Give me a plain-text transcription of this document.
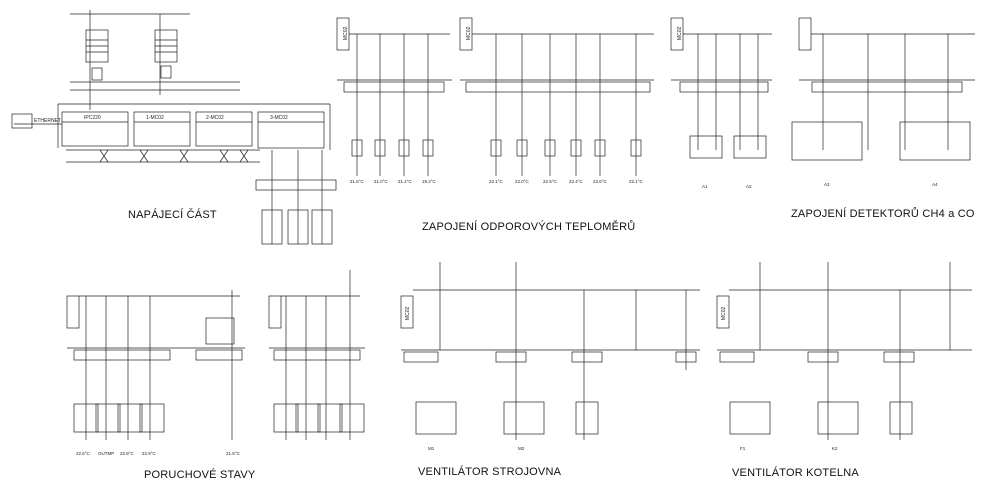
MC02	MC02	MC02
MC02	MC02
ETHERNET	IPC220	1-MC02	2-MC02	3-MC02
21.6°C 21.0°C 21.4°C 19.2°C	22.1°C	22.0°C	22.5°C	22.4°C 22.6°C	22.1°C
A1	A2	A3	A4
22.6°C OUTMP 22.8°C 22.9°C	21.5°C
M1	M2	F1	K2
NAPÁJECÍ ČÁST
ZAPOJENÍ ODPOROVÝCH TEPLOMĚRŮ
ZAPOJENÍ DETEKTORŮ CH4 a CO
PORUCHOVÉ STAVY	VENTILÁTOR STROJOVNA	VENTILÁTOR KOTELNA
